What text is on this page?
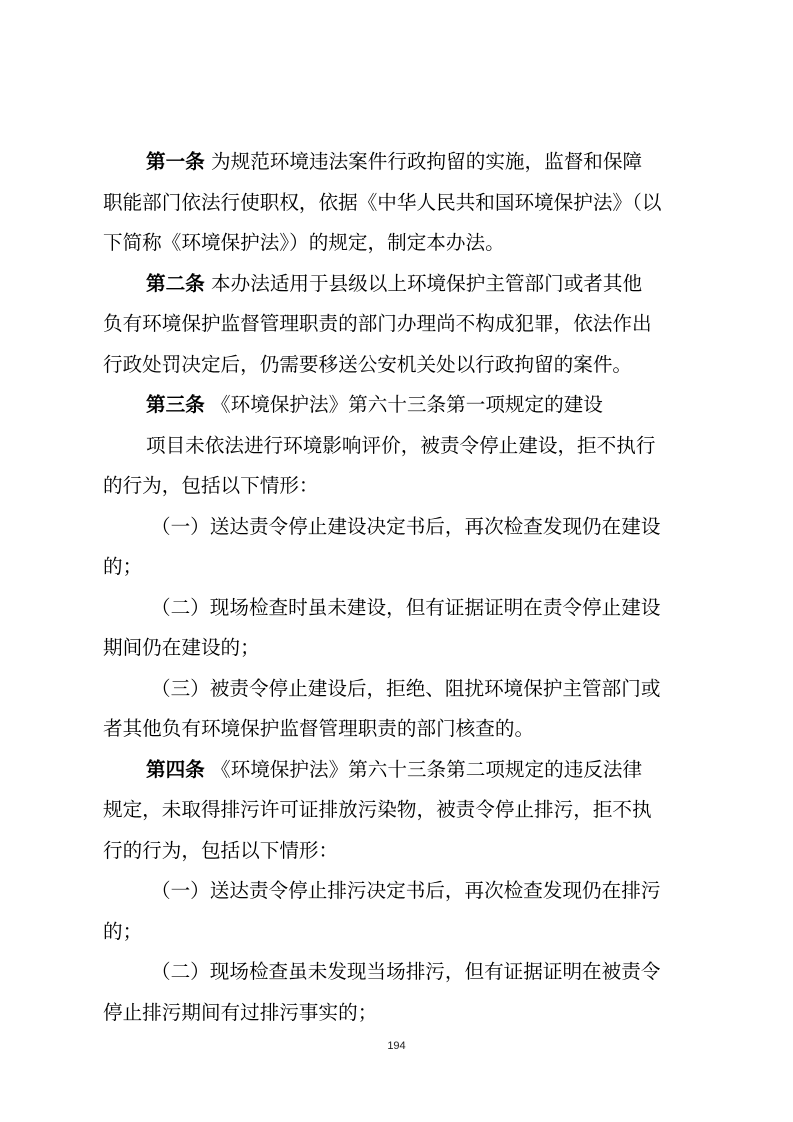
第一条 为规范环境违法案件行政拘留的实施，监督和保障
职能部门依法行使职权，依据《中华人民共和国环境保护法》（以
下简称《环境保护法》）的规定，制定本办法。
第二条 本办法适用于县级以上环境保护主管部门或者其他
负有环境保护监督管理职责的部门办理尚不构成犯罪，依法作出
行政处罚决定后，仍需要移送公安机关处以行政拘留的案件。
第三条 《环境保护法》第六十三条第一项规定的建设
项目未依法进行环境影响评价，被责令停止建设，拒不执行
的行为，包括以下情形：
（一）送达责令停止建设决定书后，再次检查发现仍在建设
的；
（二）现场检查时虽未建设，但有证据证明在责令停止建设
期间仍在建设的；
（三）被责令停止建设后，拒绝、阻扰环境保护主管部门或
者其他负有环境保护监督管理职责的部门核查的。
第四条 《环境保护法》第六十三条第二项规定的违反法律
规定，未取得排污许可证排放污染物，被责令停止排污，拒不执
行的行为，包括以下情形：
（一）送达责令停止排污决定书后，再次检查发现仍在排污
的；
（二）现场检查虽未发现当场排污，但有证据证明在被责令
停止排污期间有过排污事实的；
194
